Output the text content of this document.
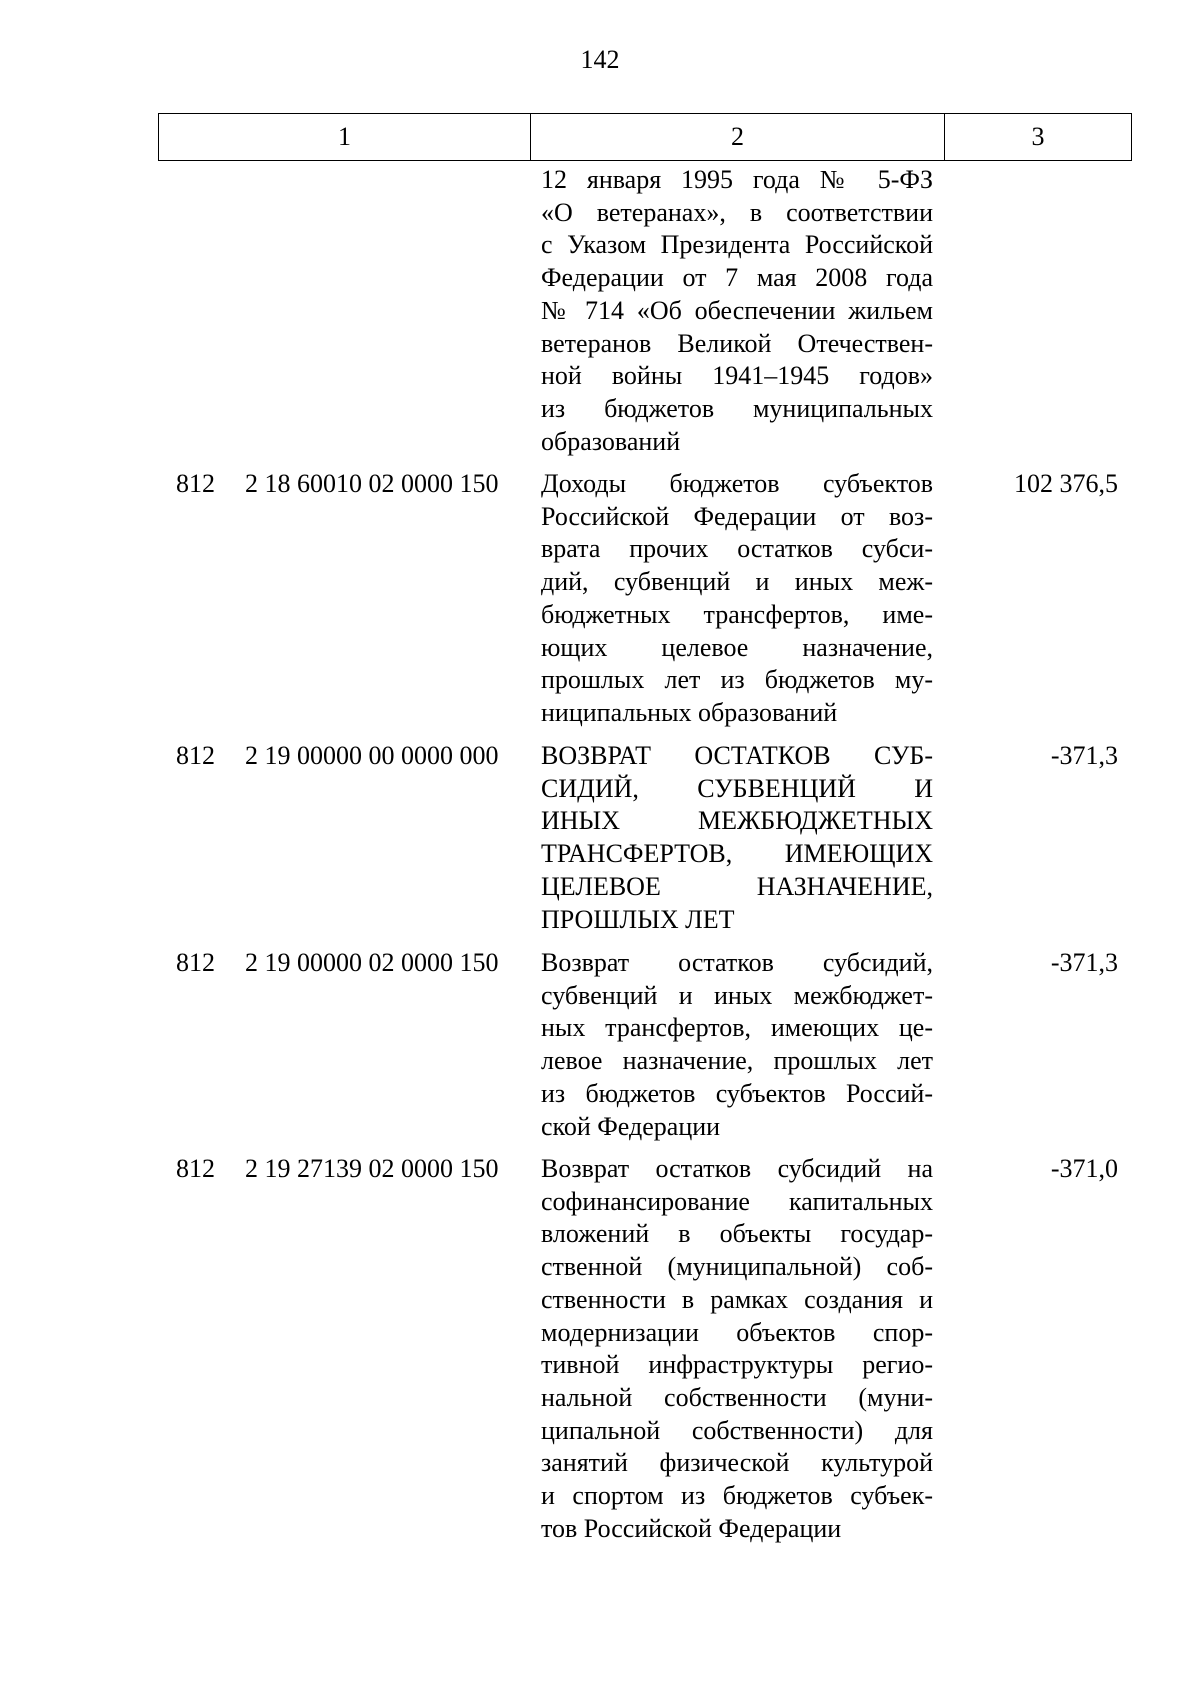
142
1	2	3
12 января 1995 года № 5-ФЗ
«О ветеранах», в соответствии
с Указом Президента Российской
Федерации от 7 мая 2008 года
№ 714 «Об обеспечении жильем
ветеранов Великой Отечествен-
ной войны 1941–1945 годов»
из бюджетов муниципальных
образований
812 2 18 60010 02 0000 150 Доходы бюджетов субъектов
Российской Федерации от воз-
врата прочих остатков субси-
дий, субвенций и иных меж-
бюджетных трансфертов, име-
ющих целевое назначение,
прошлых лет из бюджетов му-
ниципальных образований
102 376,5
812 2 19 00000 00 0000 000 ВОЗВРАТ ОСТАТКОВ СУБ-
СИДИЙ, СУБВЕНЦИЙ И
ИНЫХ МЕЖБЮДЖЕТНЫХ
ТРАНСФЕРТОВ, ИМЕЮЩИХ
ЦЕЛЕВОЕ НАЗНАЧЕНИЕ,
ПРОШЛЫХ ЛЕТ
-371,3
812 2 19 00000 02 0000 150 Возврат остатков субсидий,
субвенций и иных межбюджет-
ных трансфертов, имеющих це-
левое назначение, прошлых лет
из бюджетов субъектов Россий-
ской Федерации
-371,3
812 2 19 27139 02 0000 150 Возврат остатков субсидий на
софинансирование капитальных
вложений в объекты государ-
ственной (муниципальной) соб-
ственности в рамках создания и
модернизации объектов спор-
тивной инфраструктуры регио-
нальной собственности (муни-
ципальной собственности) для
занятий физической культурой
и спортом из бюджетов субъек-
тов Российской Федерации
-371,0
